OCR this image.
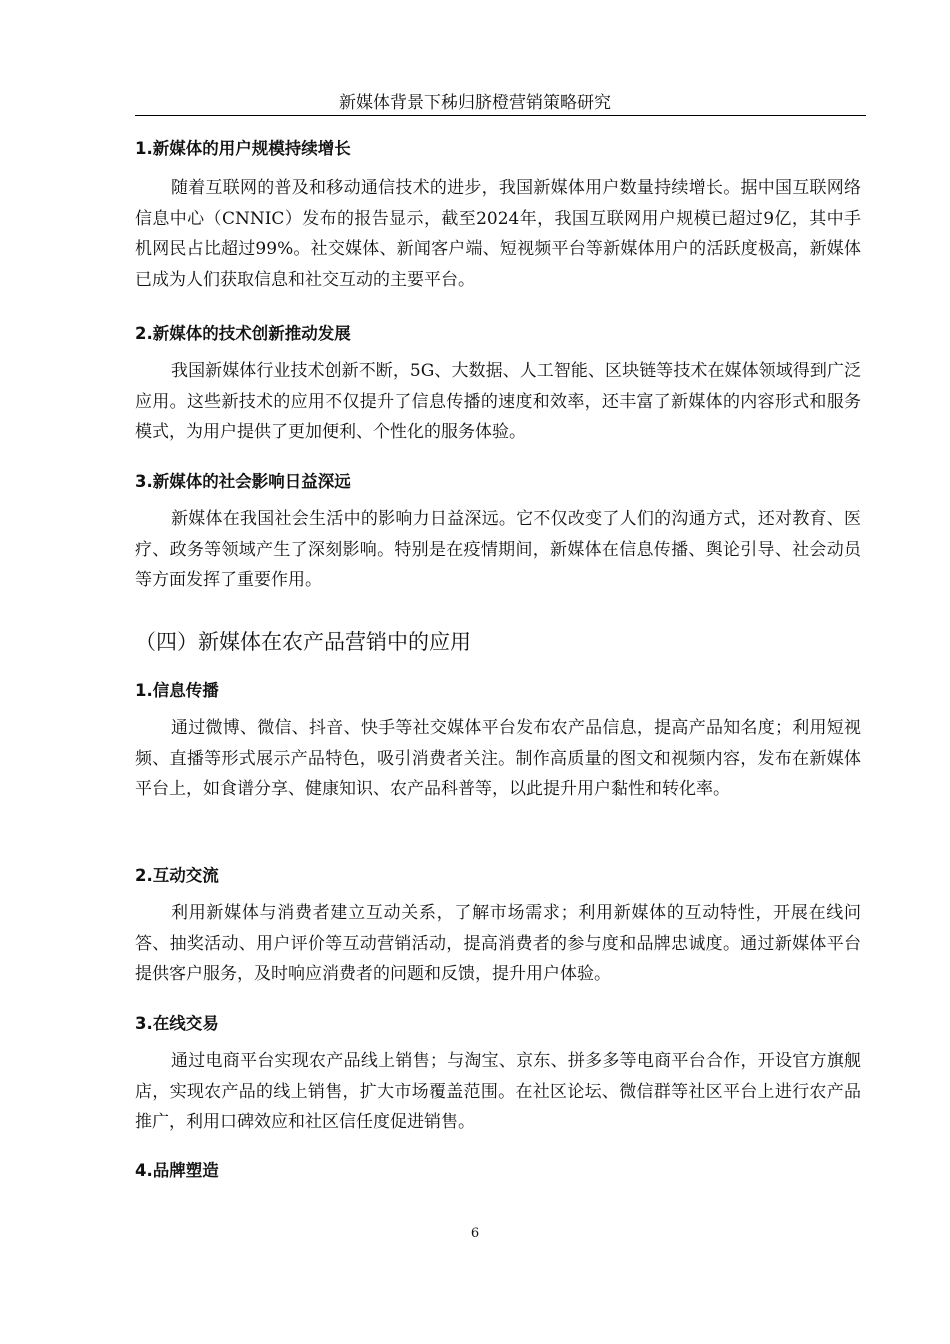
新媒体背景下秭归脐橙营销策略研究
1.新媒体的用户规模持续增长

随着互联网的普及和移动通信技术的进步，我国新媒体用户数量持续增长。据中国互联网络信息中心（CNNIC）发布的报告显示，截至2024年，我国互联网用户规模已超过9亿，其中手机网民占比超过99%。社交媒体、新闻客户端、短视频平台等新媒体用户的活跃度极高，新媒体已成为人们获取信息和社交互动的主要平台。

2.新媒体的技术创新推动发展

我国新媒体行业技术创新不断，5G、大数据、人工智能、区块链等技术在媒体领域得到广泛应用。这些新技术的应用不仅提升了信息传播的速度和效率，还丰富了新媒体的内容形式和服务模式，为用户提供了更加便利、个性化的服务体验。

3.新媒体的社会影响日益深远

新媒体在我国社会生活中的影响力日益深远。它不仅改变了人们的沟通方式，还对教育、医疗、政务等领域产生了深刻影响。特别是在疫情期间，新媒体在信息传播、舆论引导、社会动员等方面发挥了重要作用。

（四）新媒体在农产品营销中的应用
1.信息传播

通过微博、微信、抖音、快手等社交媒体平台发布农产品信息，提高产品知名度；利用短视频、直播等形式展示产品特色，吸引消费者关注。制作高质量的图文和视频内容，发布在新媒体平台上，如食谱分享、健康知识、农产品科普等，以此提升用户黏性和转化率。

2.互动交流

利用新媒体与消费者建立互动关系，了解市场需求；利用新媒体的互动特性，开展在线问答、抽奖活动、用户评价等互动营销活动，提高消费者的参与度和品牌忠诚度。通过新媒体平台提供客户服务，及时响应消费者的问题和反馈，提升用户体验。

3.在线交易

通过电商平台实现农产品线上销售；与淘宝、京东、拼多多等电商平台合作，开设官方旗舰店，实现农产品的线上销售，扩大市场覆盖范围。在社区论坛、微信群等社区平台上进行农产品推广，利用口碑效应和社区信任度促进销售。

4.品牌塑造
6
